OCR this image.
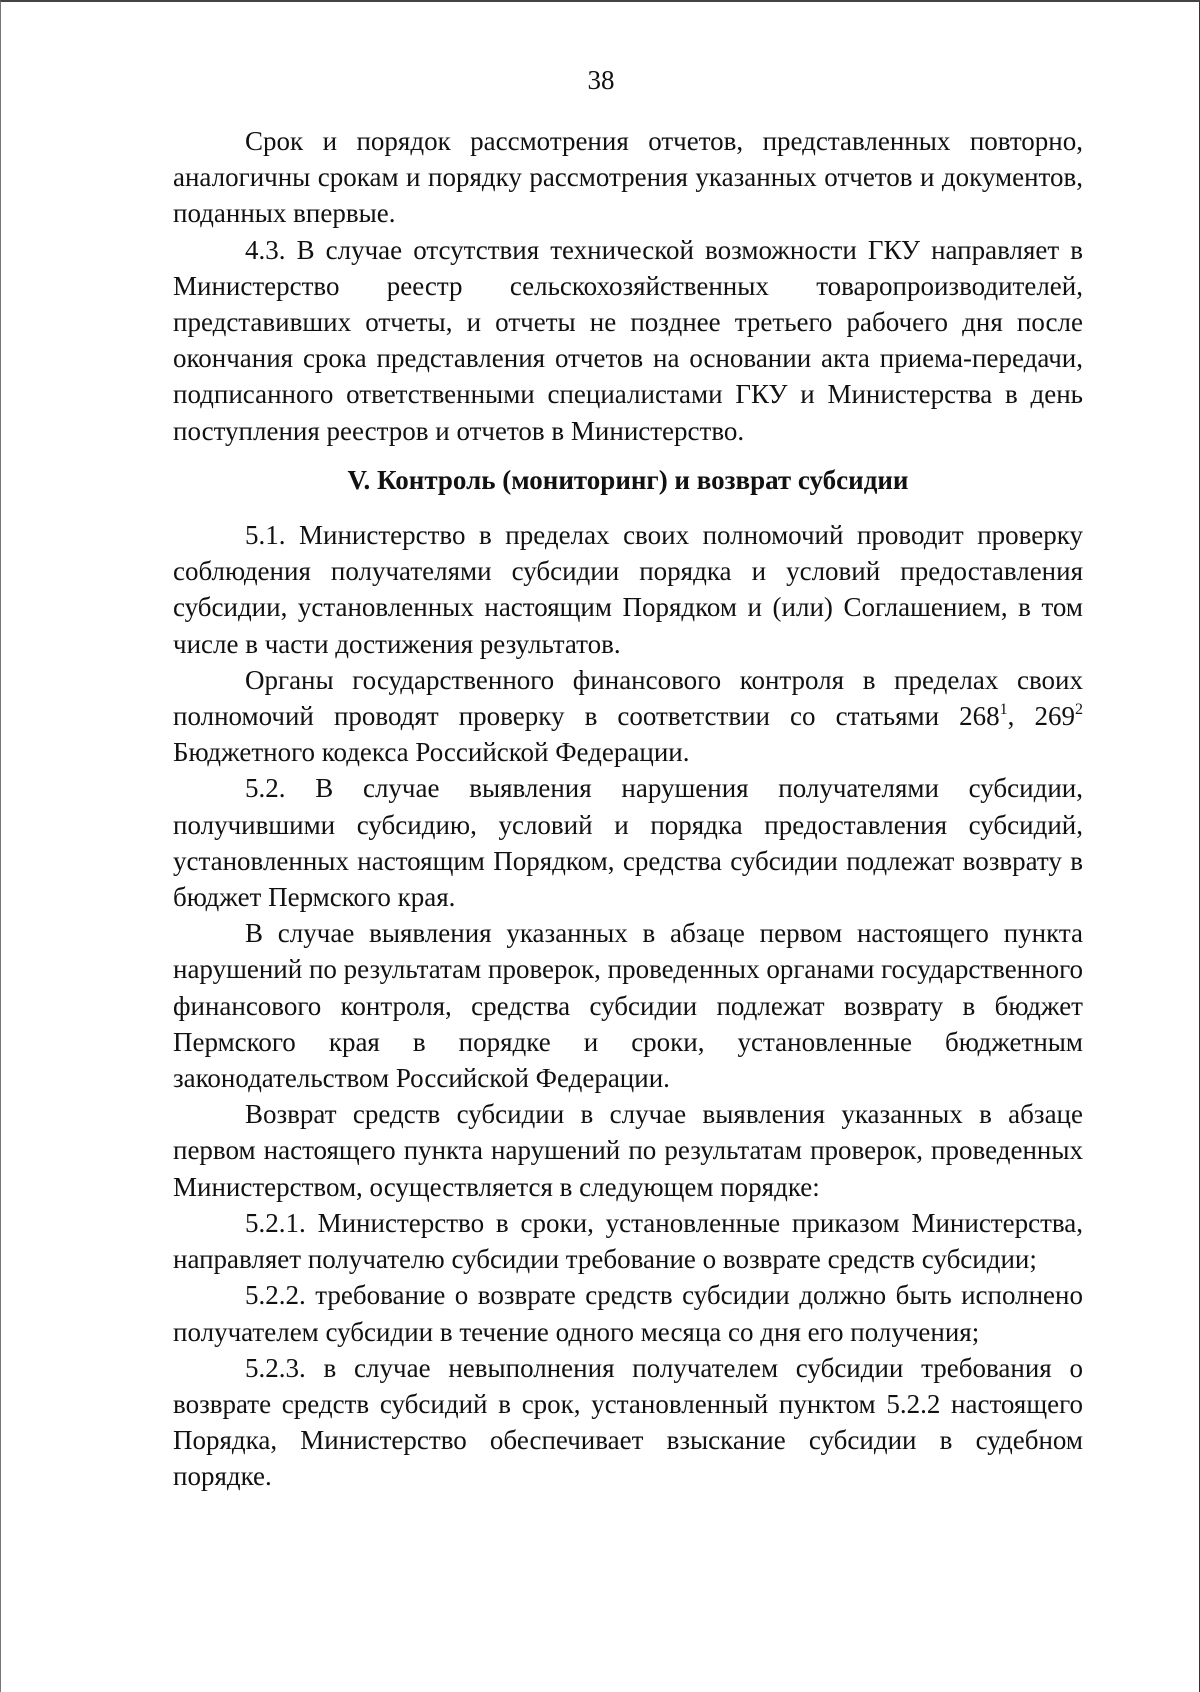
38

Срок и порядок рассмотрения отчетов, представленных повторно, аналогичны срокам и порядку рассмотрения указанных отчетов и документов, поданных впервые.

4.3. В случае отсутствия технической возможности ГКУ направляет в Министерство реестр сельскохозяйственных товаропроизводителей, представивших отчеты, и отчеты не позднее третьего рабочего дня после окончания срока представления отчетов на основании акта приема-передачи, подписанного ответственными специалистами ГКУ и Министерства в день поступления реестров и отчетов в Министерство.

V. Контроль (мониторинг) и возврат субсидии

5.1. Министерство в пределах своих полномочий проводит проверку соблюдения получателями субсидии порядка и условий предоставления субсидии, установленных настоящим Порядком и (или) Соглашением, в том числе в части достижения результатов.

Органы государственного финансового контроля в пределах своих полномочий проводят проверку в соответствии со статьями $268^1$, $269^2$ Бюджетного кодекса Российской Федерации.

5.2. В случае выявления нарушения получателями субсидии, получившими субсидию, условий и порядка предоставления субсидий, установленных настоящим Порядком, средства субсидии подлежат возврату в бюджет Пермского края.

В случае выявления указанных в абзаце первом настоящего пункта нарушений по результатам проверок, проведенных органами государственного финансового контроля, средства субсидии подлежат возврату в бюджет Пермского края в порядке и сроки, установленные бюджетным законодательством Российской Федерации.

Возврат средств субсидии в случае выявления указанных в абзаце первом настоящего пункта нарушений по результатам проверок, проведенных Министерством, осуществляется в следующем порядке:

5.2.1. Министерство в сроки, установленные приказом Министерства, направляет получателю субсидии требование о возврате средств субсидии;

5.2.2. требование о возврате средств субсидии должно быть исполнено получателем субсидии в течение одного месяца со дня его получения;

5.2.3. в случае невыполнения получателем субсидии требования о возврате средств субсидий в срок, установленный пунктом 5.2.2 настоящего Порядка, Министерство обеспечивает взыскание субсидии в судебном порядке.
